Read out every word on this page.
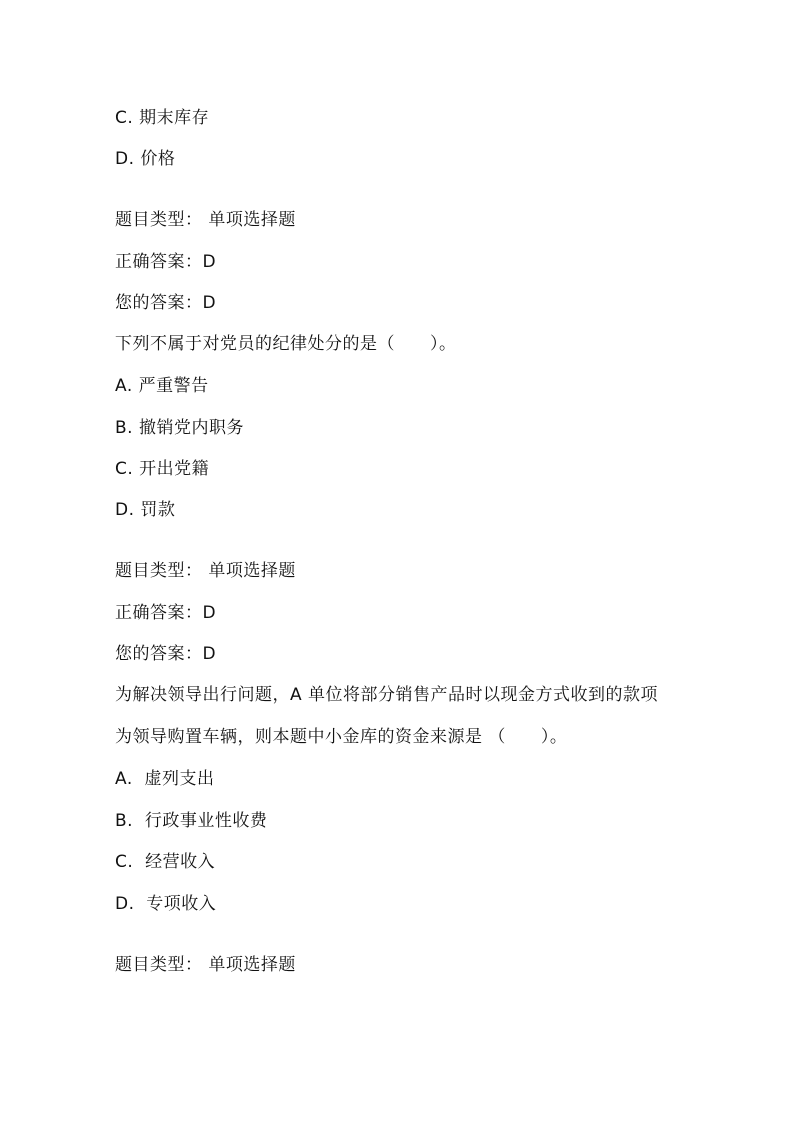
C. 期末库存
D. 价格
题目类型： 单项选择题
正确答案：D
您的答案：D
下列不属于对党员的纪律处分的是（　　）。
A. 严重警告
B. 撤销党内职务
C. 开出党籍
D. 罚款
题目类型： 单项选择题
正确答案：D
您的答案：D
为解决领导出行问题，A 单位将部分销售产品时以现金方式收到的款项
为领导购置车辆，则本题中小金库的资金来源是 （　　）。
A.  虚列支出
B.  行政事业性收费
C.  经营收入
D.  专项收入
题目类型： 单项选择题
